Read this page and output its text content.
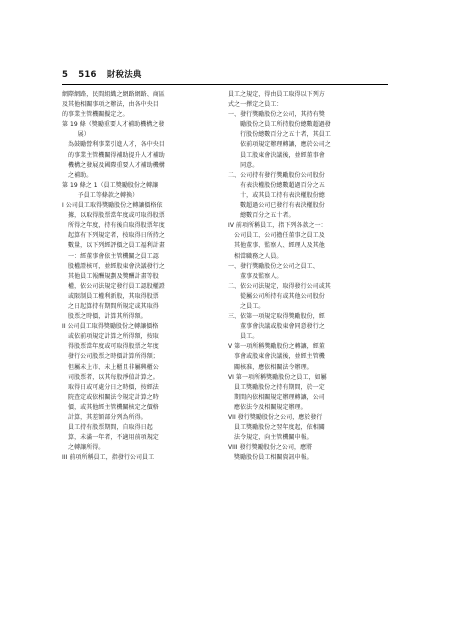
5 516 財稅法典
網際網路，民間組織之網路網路、商區
及其他相關事項之辦法，由各中央目
的事業主管機關擬定之。
第 19 條（獎勵重要人才補助機構之發
展）
　為鼓勵營利事業引進人才，各中央目
　的事業主管機關得補助提升人才補助
　機構之發展及國際重要人才補助機構
　之補助。
第 19 條之 1（員工獎勵股份之轉讓
予員工等條款之轉換）
I 公司員工取得獎勵股份之轉讓價格依
　據，以取得股票當年度或可取得股票
　所得之年度，持有後自取得股票年度
　起算有下列規定者，按取得日所持之
　數量，以下列經評價之員工福利計畫
　一：經董事會依主管機關之員工認
　股權證核可，並經股東會決議發行之
　其他員工報酬規劃及獎酬計畫等股
　權，依公司法規定發行員工認股權證
　或限制員工權利新股，其取得股票
　之日起算持有期間所規定或其取得
　股票之時價，計算其所得額。
II 公司員工取得獎勵股份之轉讓價格
　或依前項規定計算之所得額，按取
　得股票當年度或可取得股票之年度
　發行公司股票之時價計算所得額；
　但屬未上市、未上櫃且非屬興櫃公
　司股票者，以其每股淨值計算之。
　取得日或可處分日之時價，按經法
　院查定或依相關法令規定計算之時
　價，或其他經主管機關核定之價格
　計算，其差額部分列為所得。
　員工持有股票期間，自取得日起
　算，未滿一年者，不適用前項規定
　之轉讓所得。
III 前項所稱員工，指發行公司員工
員工之規定，得由員工取得以下列方
式之一擇定之員工：
一、發行獎勵股份之公司，其持有獎
　　勵股份之員工所持股份總數超過發
　　行股份總數百分之五十者，其員工
　　依前項規定辦理轉讓，應於公司之
　　員工股東會決議後，並經董事會
　　同意。
二、公司持有發行獎勵股份公司股份
　　有表決權股份總數超過百分之五
　　十，或其員工持有表決權股份總
　　數超過公司已發行有表決權股份
　　總數百分之五十者。
IV 前項所稱員工，指下列各款之一：
　公司員工、公司擔任董事之員工及
　其他董事、監察人、經理人及其他
　相當職務之人員。
一、發行獎勵股份之公司之員工、
　　董事及監察人。
二、依公司法規定，取得發行公司或其
　　從屬公司所持有或其他公司股份
　　之員工。
三、依第一項規定取得獎勵股份，經
　　董事會決議或股東會同意發行之
　　員工。
V 第一項所稱獎勵股份之轉讓，經董
　事會或股東會決議後，並經主管機
　關核准，應依相關法令辦理。
VI 第一項所稱獎勵股份之員工，如屬
　員工獎勵股份之持有期間，於一定
　期間內依相關規定辦理轉讓，公司
　應依法令及相關規定辦理。
VII 發行獎勵股份之公司，應於發行
　員工獎勵股份之翌年度起，依相關
　法令規定，向主管機關申報。
VIII 發行獎勵股份之公司，應將
　獎勵股份員工相關資訊申報。
